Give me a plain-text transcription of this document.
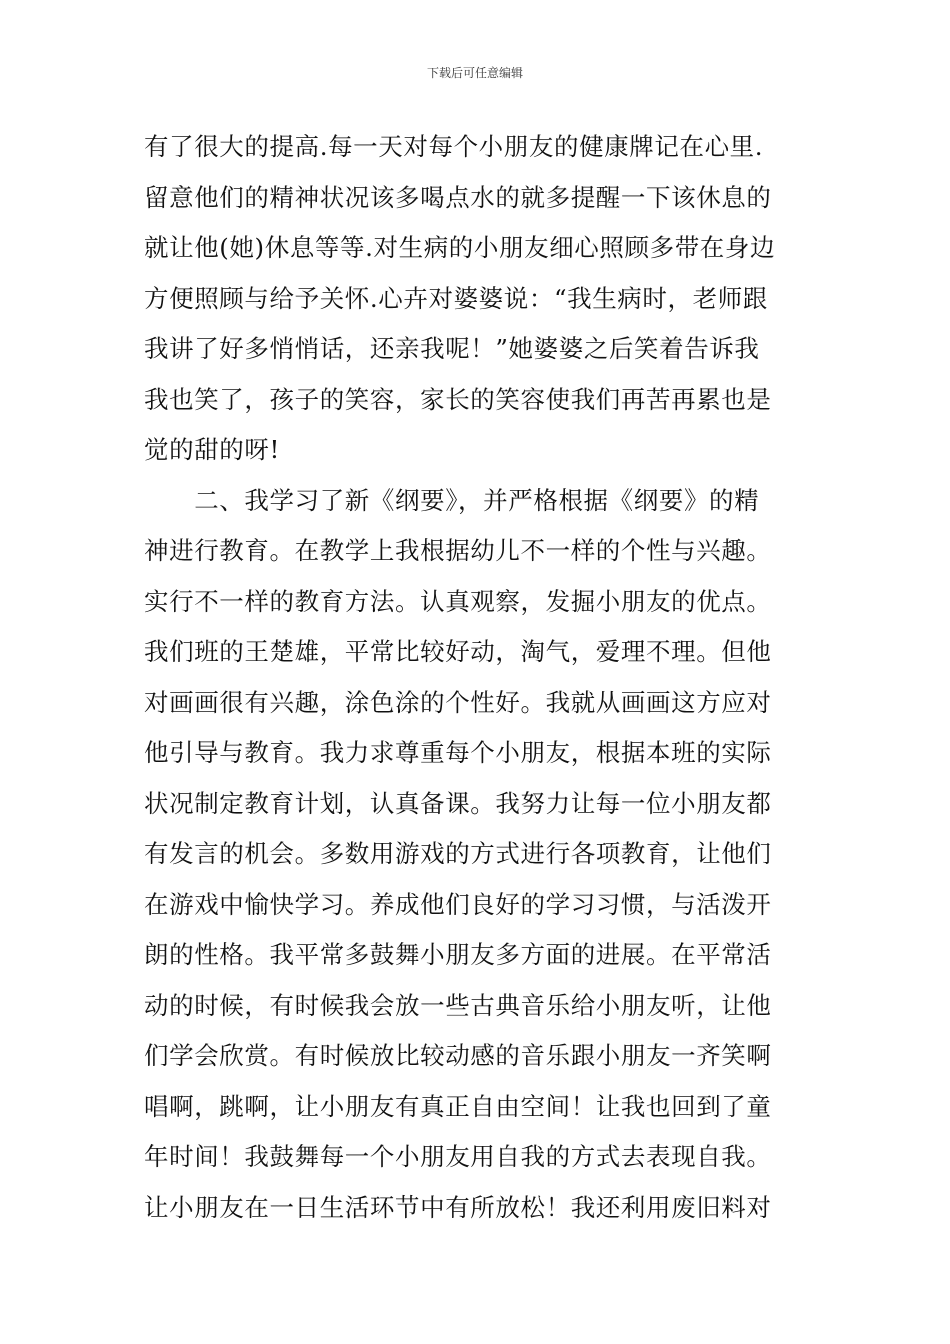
下载后可任意编辑
有了很大的提高.每一天对每个小朋友的健康牌记在心里.
留意他们的精神状况该多喝点水的就多提醒一下该休息的
就让他(她)休息等等.对生病的小朋友细心照顾多带在身边
方便照顾与给予关怀.心卉对婆婆说：“我生病时，老师跟
我讲了好多悄悄话，还亲我呢！”她婆婆之后笑着告诉我
我也笑了，孩子的笑容，家长的笑容使我们再苦再累也是
觉的甜的呀!
　　二、我学习了新《纲要》，并严格根据《纲要》的精
神进行教育。在教学上我根据幼儿不一样的个性与兴趣。
实行不一样的教育方法。认真观察，发掘小朋友的优点。
我们班的王楚雄，平常比较好动，淘气，爱理不理。但他
对画画很有兴趣，涂色涂的个性好。我就从画画这方应对
他引导与教育。我力求尊重每个小朋友，根据本班的实际
状况制定教育计划，认真备课。我努力让每一位小朋友都
有发言的机会。多数用游戏的方式进行各项教育，让他们
在游戏中愉快学习。养成他们良好的学习习惯，与活泼开
朗的性格。我平常多鼓舞小朋友多方面的进展。在平常活
动的时候，有时候我会放一些古典音乐给小朋友听，让他
们学会欣赏。有时候放比较动感的音乐跟小朋友一齐笑啊
唱啊，跳啊，让小朋友有真正自由空间！让我也回到了童
年时间！我鼓舞每一个小朋友用自我的方式去表现自我。
让小朋友在一日生活环节中有所放松！我还利用废旧料对
